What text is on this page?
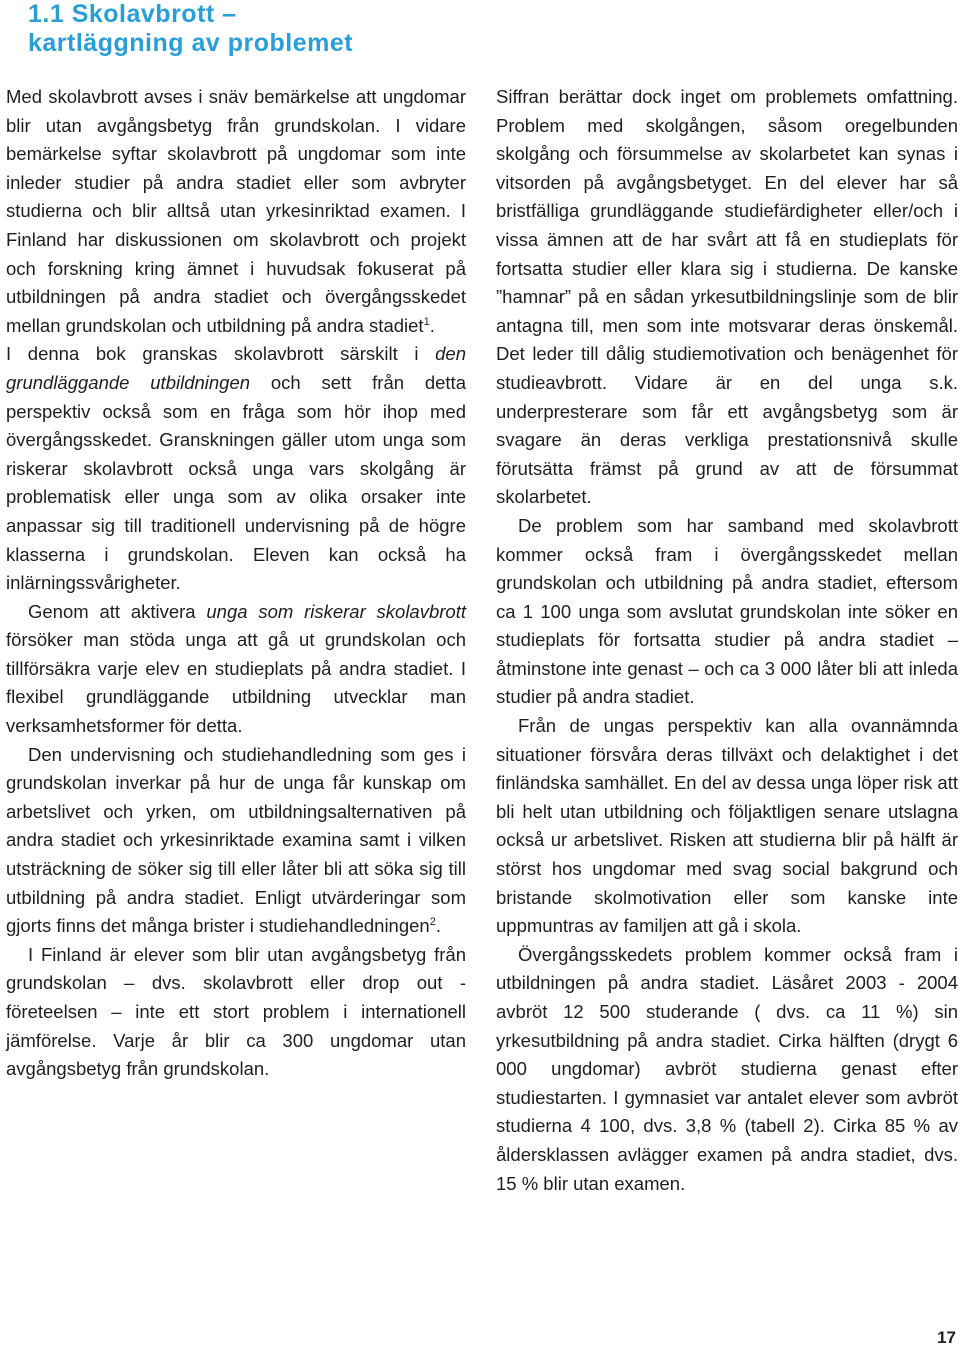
1.1 Skolavbrott –
kartläggning av problemet

Med skolavbrott avses i snäv bemärkelse att ungdomar blir utan avgångsbetyg från grundskolan. I vidare bemärkelse syftar skolavbrott på ungdomar som inte inleder studier på andra stadiet eller som avbryter studierna och blir alltså utan yrkesinriktad examen. I Finland har diskussionen om skolavbrott och projekt och forskning kring ämnet i huvudsak fokuserat på utbildningen på andra stadiet och övergångsskedet mellan grundskolan och utbildning på andra stadiet$^1$.

I denna bok granskas skolavbrott särskilt i den grundläggande utbildningen och sett från detta perspektiv också som en fråga som hör ihop med övergångsskedet. Granskningen gäller utom unga som riskerar skolavbrott också unga vars skolgång är problematisk eller unga som av olika orsaker inte anpassar sig till traditionell undervisning på de högre klasserna i grundskolan. Eleven kan också ha inlärningssvårigheter.

Genom att aktivera unga som riskerar skolavbrott försöker man stöda unga att gå ut grundskolan och tillförsäkra varje elev en studieplats på andra stadiet. I flexibel grundläggande utbildning utvecklar man verksamhetsformer för detta.

Den undervisning och studiehandledning som ges i grundskolan inverkar på hur de unga får kunskap om arbetslivet och yrken, om utbildningsalternativen på andra stadiet och yrkesinriktade examina samt i vilken utsträckning de söker sig till eller låter bli att söka sig till utbildning på andra stadiet. Enligt utvärderingar som gjorts finns det många brister i studiehandledningen$^2$.

I Finland är elever som blir utan avgångsbetyg från grundskolan – dvs. skolavbrott eller drop out -företeelsen – inte ett stort problem i internationell jämförelse. Varje år blir ca 300 ungdomar utan avgångsbetyg från grundskolan.

Siffran berättar dock inget om problemets omfattning. Problem med skolgången, såsom oregelbunden skolgång och försummelse av skolarbetet kan synas i vitsorden på avgångsbetyget. En del elever har så bristfälliga grundläggande studiefärdigheter eller/och i vissa ämnen att de har svårt att få en studieplats för fortsatta studier eller klara sig i studierna. De kanske ”hamnar” på en sådan yrkesutbildningslinje som de blir antagna till, men som inte motsvarar deras önskemål. Det leder till dålig studiemotivation och benägenhet för studieavbrott. Vidare är en del unga s.k. underpresterare som får ett avgångsbetyg som är svagare än deras verkliga prestationsnivå skulle förutsätta främst på grund av att de försummat skolarbetet.

De problem som har samband med skolavbrott kommer också fram i övergångsskedet mellan grundskolan och utbildning på andra stadiet, eftersom ca 1 100 unga som avslutat grundskolan inte söker en studieplats för fortsatta studier på andra stadiet – åtminstone inte genast – och ca 3 000 låter bli att inleda studier på andra stadiet.

Från de ungas perspektiv kan alla ovannämnda situationer försvåra deras tillväxt och delaktighet i det finländska samhället. En del av dessa unga löper risk att bli helt utan utbildning och följaktligen senare utslagna också ur arbetslivet. Risken att studierna blir på hälft är störst hos ungdomar med svag social bakgrund och bristande skolmotivation eller som kanske inte uppmuntras av familjen att gå i skola.

Övergångsskedets problem kommer också fram i utbildningen på andra stadiet. Läsåret 2003 - 2004 avbröt 12 500 studerande ( dvs. ca 11 %) sin yrkesutbildning på andra stadiet. Cirka hälften (drygt 6 000 ungdomar) avbröt studierna genast efter studiestarten. I gymnasiet var antalet elever som avbröt studierna 4 100, dvs. 3,8 % (tabell 2). Cirka 85 % av åldersklassen avlägger examen på andra stadiet, dvs. 15 % blir utan examen.

17
